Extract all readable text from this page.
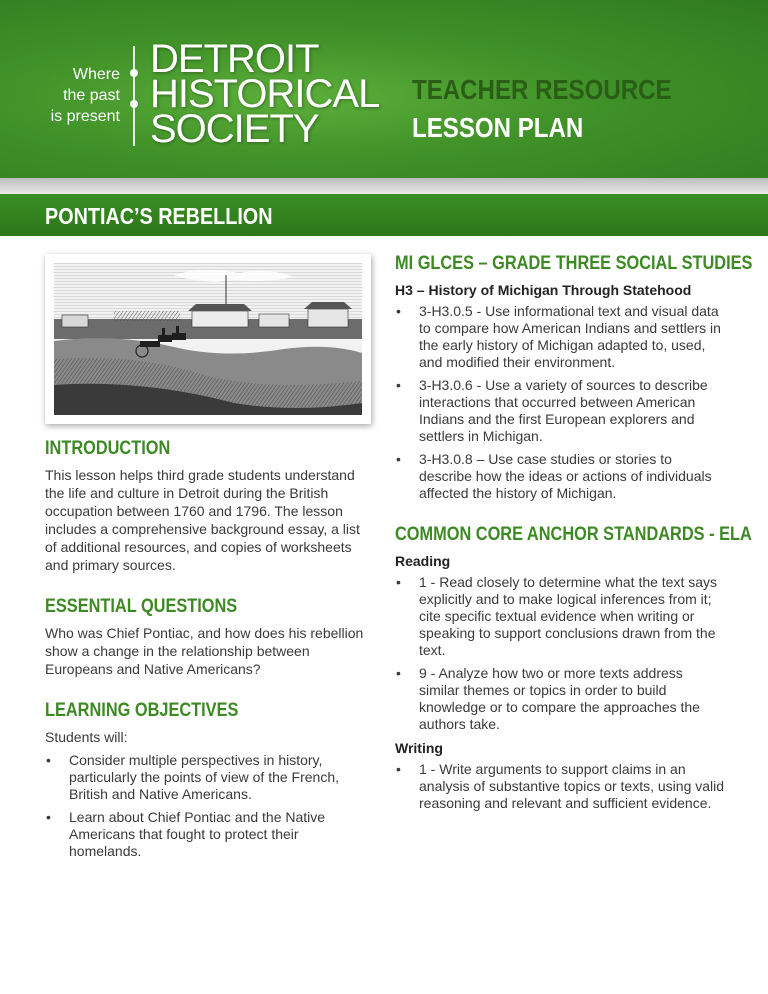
Where
the past
is present
DETROIT
HISTORICAL
SOCIETY
TEACHER RESOURCE
LESSON PLAN
PONTIAC’S REBELLION
INTRODUCTION

This lesson helps third grade students understand the life and culture in Detroit during the British occupation between 1760 and 1796. The lesson includes a comprehensive background essay, a list of additional resources, and copies of worksheets and primary sources.

ESSENTIAL QUESTIONS

Who was Chief Pontiac, and how does his rebellion show a change in the relationship between Europeans and Native Americans?

LEARNING OBJECTIVES

Students will:

• Consider multiple perspectives in history, particularly the points of view of the French, British and Native Americans.
• Learn about Chief Pontiac and the Native Americans that fought to protect their homelands.
MI GLCES – GRADE THREE SOCIAL STUDIES

H3 – History of Michigan Through Statehood

• 3-H3.0.5 - Use informational text and visual data to compare how American Indians and settlers in the early history of Michigan adapted to, used, and modified their environment.
• 3-H3.0.6 - Use a variety of sources to describe interactions that occurred between American Indians and the first European explorers and settlers in Michigan.
• 3-H3.0.8 – Use case studies or stories to describe how the ideas or actions of individuals affected the history of Michigan.
COMMON CORE ANCHOR STANDARDS - ELA

Reading

• 1 - Read closely to determine what the text says explicitly and to make logical inferences from it; cite specific textual evidence when writing or speaking to support conclusions drawn from the text.
• 9 - Analyze how two or more texts address similar themes or topics in order to build knowledge or to compare the approaches the authors take.

Writing

• 1 - Write arguments to support claims in an analysis of substantive topics or texts, using valid reasoning and relevant and sufficient evidence.
